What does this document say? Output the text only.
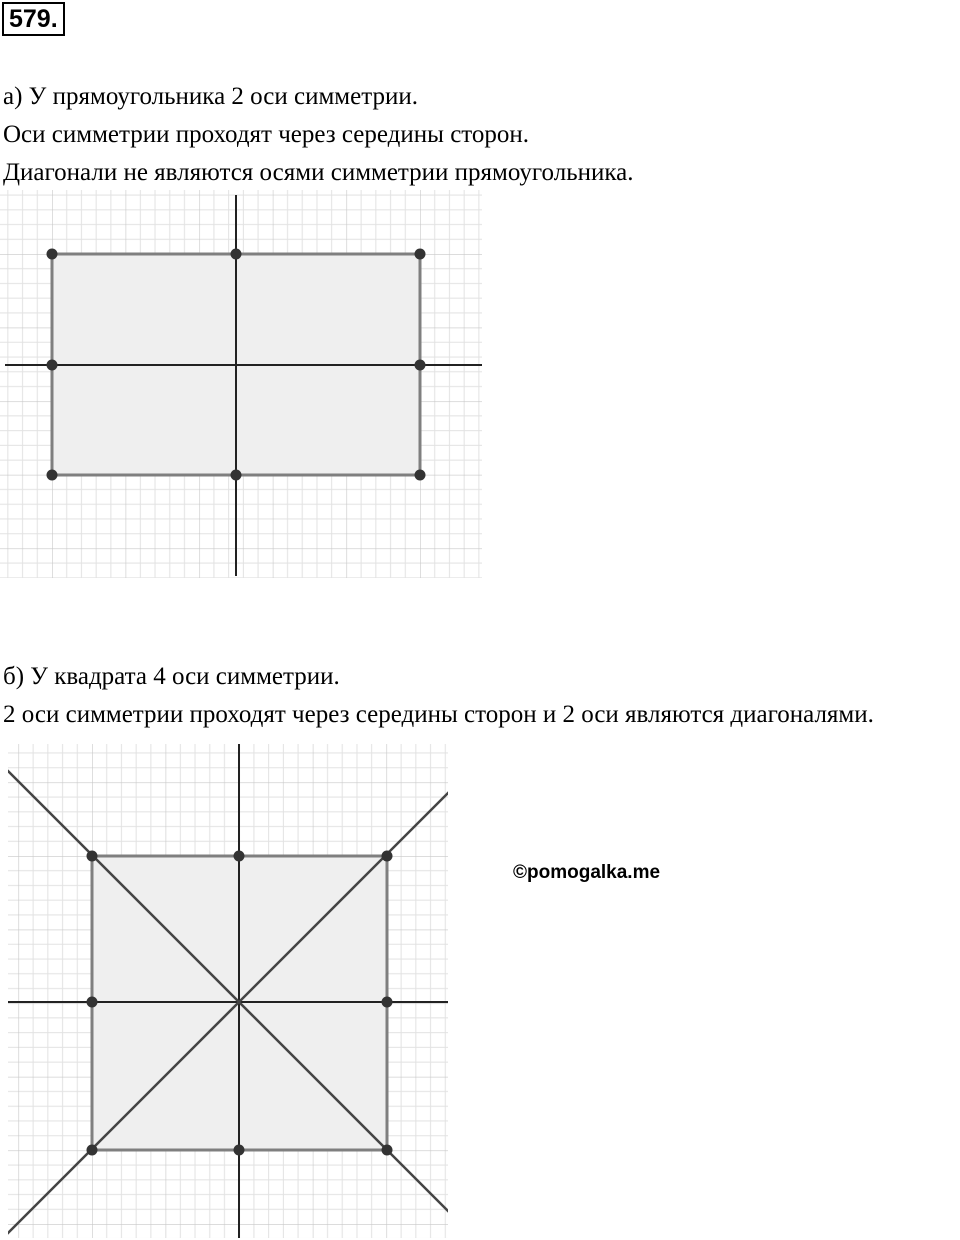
579.
а) У прямоугольника 2 оси симметрии.
Оси симметрии проходят через середины сторон.
Диагонали не являются осями симметрии прямоугольника.
б) У квадрата 4 оси симметрии.
2 оси симметрии проходят через середины сторон и 2 оси являются диагоналями.
©pomogalka.me
